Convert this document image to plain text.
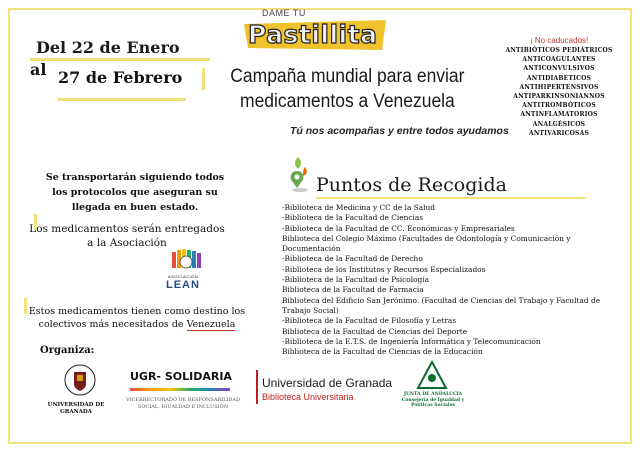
DAME TU
Pastillita
Del 22 de Enero
al 27 de Febrero	Campaña mundial para enviar
medicamentos a Venezuela
Tú nos acompañas y entre todos ayudamos
¡ No caducados!
ANTIBIÓTICOS PEDIÁTRICOS
ANTICOAGULANTES
ANTICONVULSIVOS
ANTIDIABÉTICOS
ANTIHIPERTENSIVOS
ANTIPARKINSONIANNOS
ANTITROMBÓTICOS
ANTINFLAMATORIOS
ANALGÉSICOS
ANTIVARICOSAS
Se transportarán siguiendo todos los protocolos que aseguran su llegada en buen estado.
Los medicamentos serán entregados a la Asociación
ASOCIACIÓN
LEAN
Estos medicamentos tienen como destino los colectivos más necesitados de Venezuela
Puntos de Recogida
-Biblioteca de Medicina y CC de la Salud
-Biblioteca de la Facultad de Ciencias
-Biblioteca de la Facultad de CC. Económicas y Empresariales
Biblioteca del Colegio Máximo (Facultades de Odontología y Comunicación y Documentación
-Biblioteca de la Facultad de Derecho
-Biblioteca de los Institutos y Recursos Especializados
-Biblioteca de la Facultad de Psicología
Biblioteca de la Facultad de Farmacia
Biblioteca del Edificio San Jerónimo. (Facultad de Ciencias del Trabajo y Facultad de Trabajo Social)
-Biblioteca de la Facultad de Filosofía y Letras
Biblioteca de la Facultad de Ciencias del Deporte
-Biblioteca de la E.T.S. de Ingeniería Informática y Telecomunicación
Biblioteca de la Facultad de Ciencias de la Educación
Organiza:
UNIVERSIDAD DE GRANADA
UGR- SOLIDARIA
VICERRECTORADO DE RESPONSABILIDAD SOCIAL, IGUALDAD E INCLUSIÓN
Universidad de Granada
Biblioteca Universitaria	JUNTA DE ANDALUCIA
Consejería de Igualdad y Políticas Sociales
